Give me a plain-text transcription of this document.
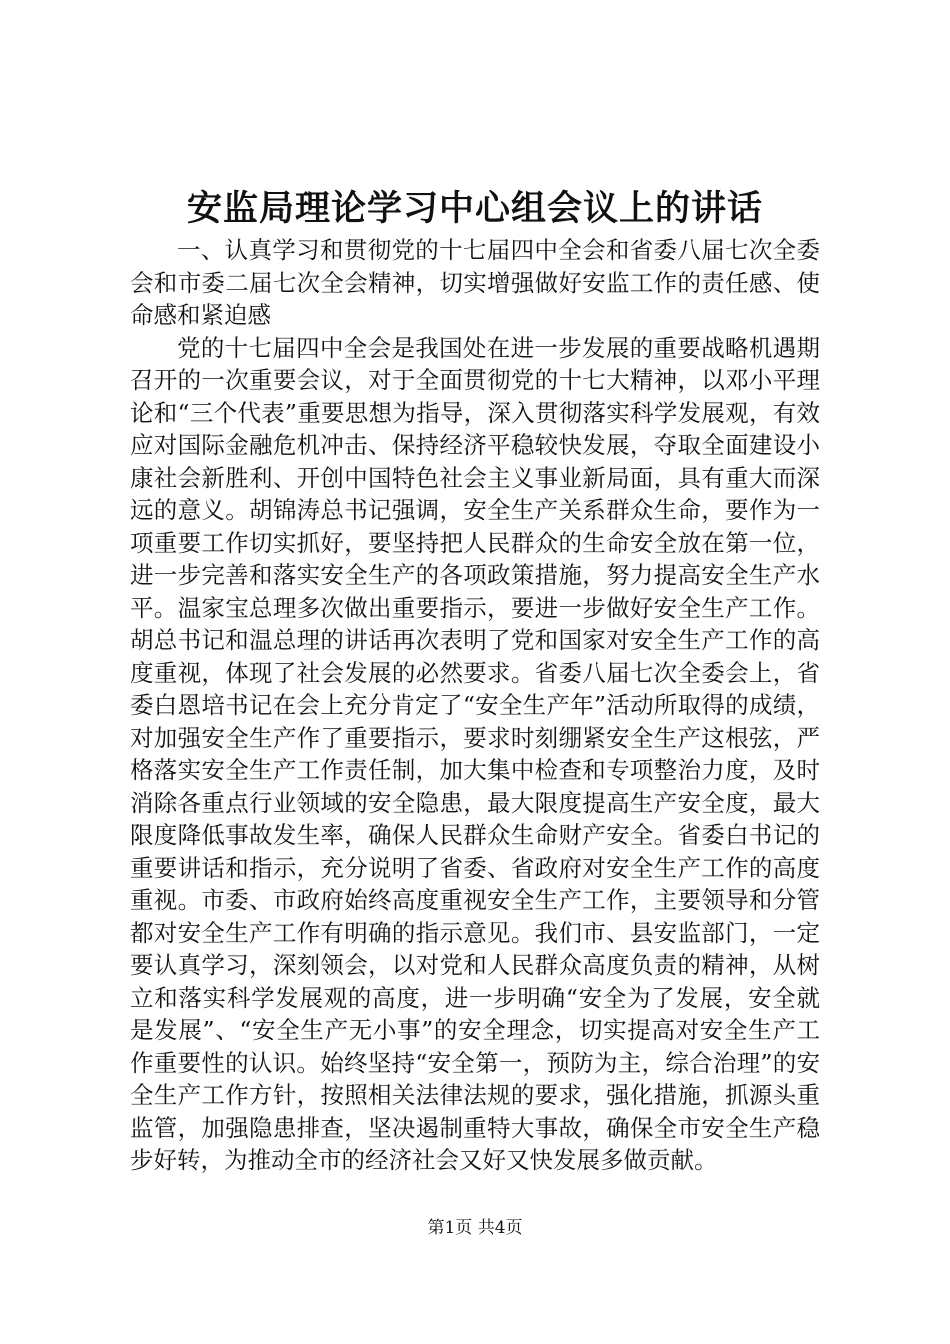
安监局理论学习中心组会议上的讲话

一、认真学习和贯彻党的十七届四中全会和省委八届七次全委会和市委二届七次全会精神，切实增强做好安监工作的责任感、使命感和紧迫感

党的十七届四中全会是我国处在进一步发展的重要战略机遇期召开的一次重要会议，对于全面贯彻党的十七大精神，以邓小平理论和“三个代表”重要思想为指导，深入贯彻落实科学发展观，有效应对国际金融危机冲击、保持经济平稳较快发展，夺取全面建设小康社会新胜利、开创中国特色社会主义事业新局面，具有重大而深远的意义。胡锦涛总书记强调，安全生产关系群众生命，要作为一项重要工作切实抓好，要坚持把人民群众的生命安全放在第一位，进一步完善和落实安全生产的各项政策措施，努力提高安全生产水平。温家宝总理多次做出重要指示，要进一步做好安全生产工作。胡总书记和温总理的讲话再次表明了党和国家对安全生产工作的高度重视，体现了社会发展的必然要求。省委八届七次全委会上，省委白恩培书记在会上充分肯定了“安全生产年”活动所取得的成绩，对加强安全生产作了重要指示，要求时刻绷紧安全生产这根弦，严格落实安全生产工作责任制，加大集中检查和专项整治力度，及时消除各重点行业领域的安全隐患，最大限度提高生产安全度，最大限度降低事故发生率，确保人民群众生命财产安全。省委白书记的重要讲话和指示，充分说明了省委、省政府对安全生产工作的高度重视。市委、市政府始终高度重视安全生产工作，主要领导和分管都对安全生产工作有明确的指示意见。我们市、县安监部门，一定要认真学习，深刻领会，以对党和人民群众高度负责的精神，从树立和落实科学发展观的高度，进一步明确“安全为了发展，安全就是发展”、“安全生产无小事”的安全理念，切实提高对安全生产工作重要性的认识。始终坚持“安全第一，预防为主，综合治理”的安全生产工作方针，按照相关法律法规的要求，强化措施，抓源头重监管，加强隐患排查，坚决遏制重特大事故，确保全市安全生产稳步好转，为推动全市的经济社会又好又快发展多做贡献。

第1页 共4页
